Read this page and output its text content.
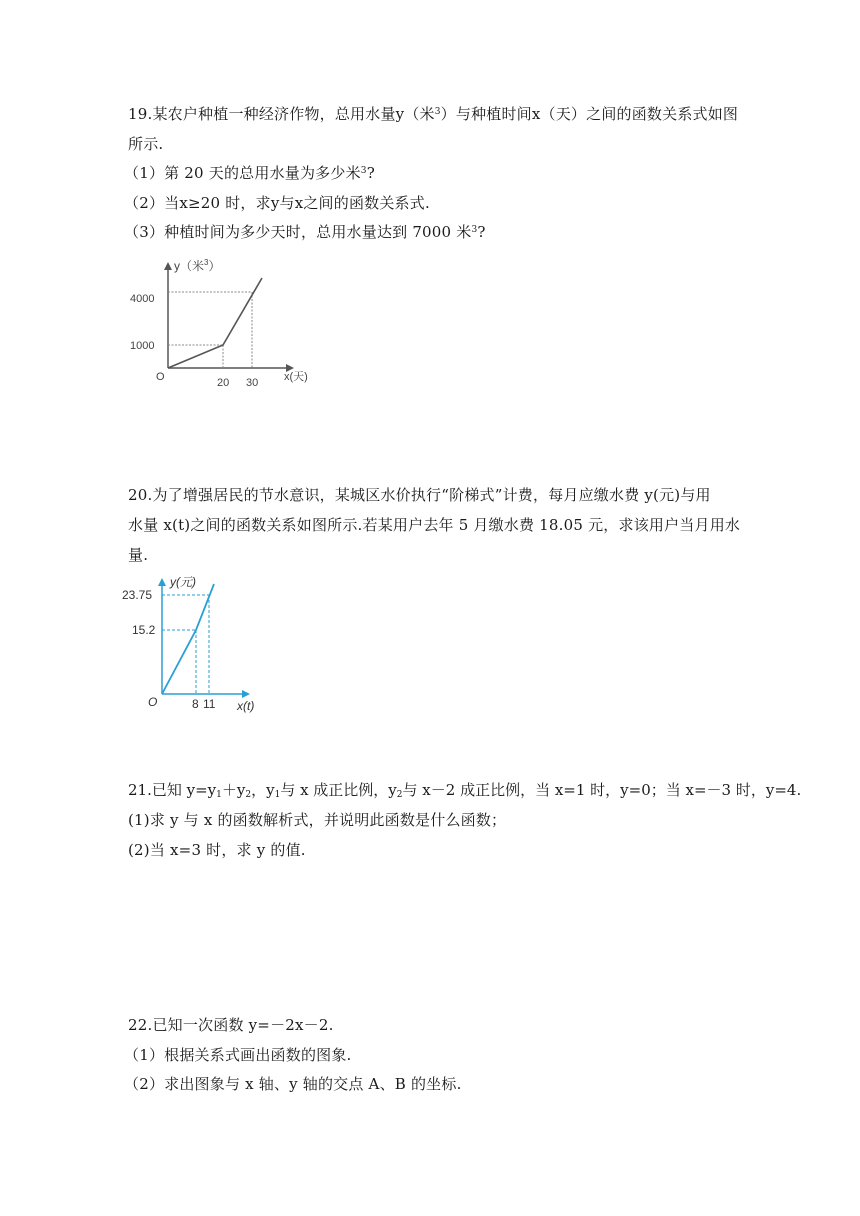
19.某农户种植一种经济作物，总用水量y（米$^3$）与种植时间x（天）之间的函数关系式如图
所示.
（1）第 20 天的总用水量为多少米$^3$?
（2）当x≥20 时，求y与x之间的函数关系式.
（3）种植时间为多少天时，总用水量达到 7000 米$^3$?
y（米$^3$）
4000
1000
O	20 30 x(天)
20.为了增强居民的节水意识，某城区水价执行“阶梯式”计费，每月应缴水费 y(元)与用
水量 x(t)之间的函数关系如图所示.若某用户去年 5 月缴水费 18.05 元，求该用户当月用水
量.
y(元)
23.75
15.2
O	8 11 x(t)
21.已知 $y=y_1+y_2$，$y_1$与 x 成正比例，$y_2$与 x－2 成正比例，当 x=1 时，y=0；当 x=－3 时，y=4.
(1)求 y 与 x 的函数解析式，并说明此函数是什么函数；
(2)当 x=3 时，求 y 的值.
22.已知一次函数 y=－2x－2.
（1）根据关系式画出函数的图象.
（2）求出图象与 x 轴、y 轴的交点 A、B 的坐标.
